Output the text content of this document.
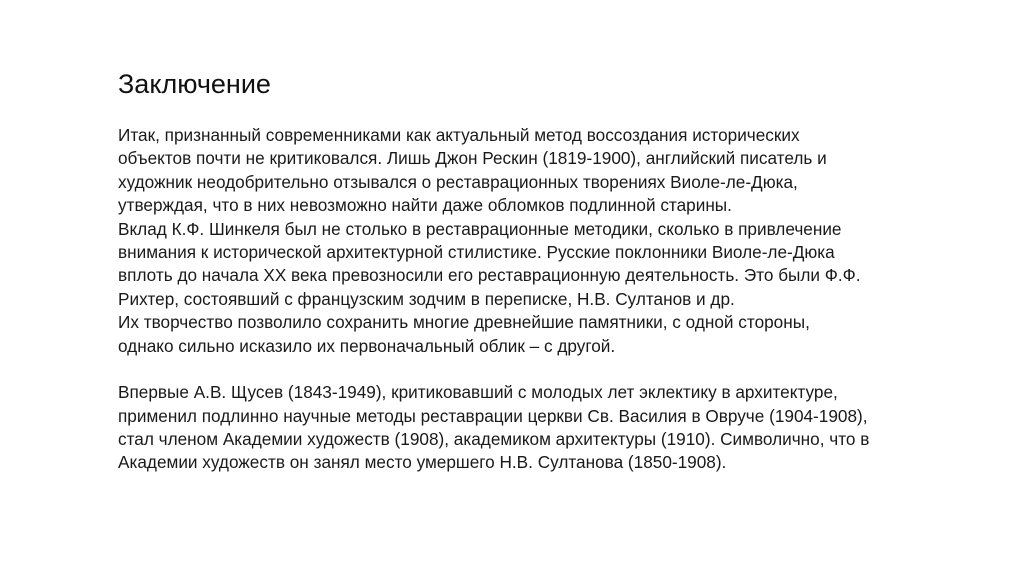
Заключение
Итак, признанный современниками как актуальный метод воссоздания исторических
объектов почти не критиковался. Лишь Джон Рескин (1819-1900), английский писатель и
художник неодобрительно отзывался о реставрационных творениях Виоле-ле-Дюка,
утверждая, что в них невозможно найти даже обломков подлинной старины.
Вклад К.Ф. Шинкеля был не столько в реставрационные методики, сколько в привлечение
внимания к исторической архитектурной стилистике. Русские поклонники Виоле-ле-Дюка
вплоть до начала XX века превозносили его реставрационную деятельность. Это были Ф.Ф.
Рихтер, состоявший с французским зодчим в переписке, Н.В. Султанов и др.
Их творчество позволило сохранить многие древнейшие памятники, с одной стороны,
однако сильно исказило их первоначальный облик – с другой.
Впервые А.В. Щусев (1843-1949), критиковавший с молодых лет эклектику в архитектуре,
применил подлинно научные методы реставрации церкви Св. Василия в Овруче (1904-1908),
стал членом Академии художеств (1908), академиком архитектуры (1910). Символично, что в
Академии художеств он занял место умершего Н.В. Султанова (1850-1908).
